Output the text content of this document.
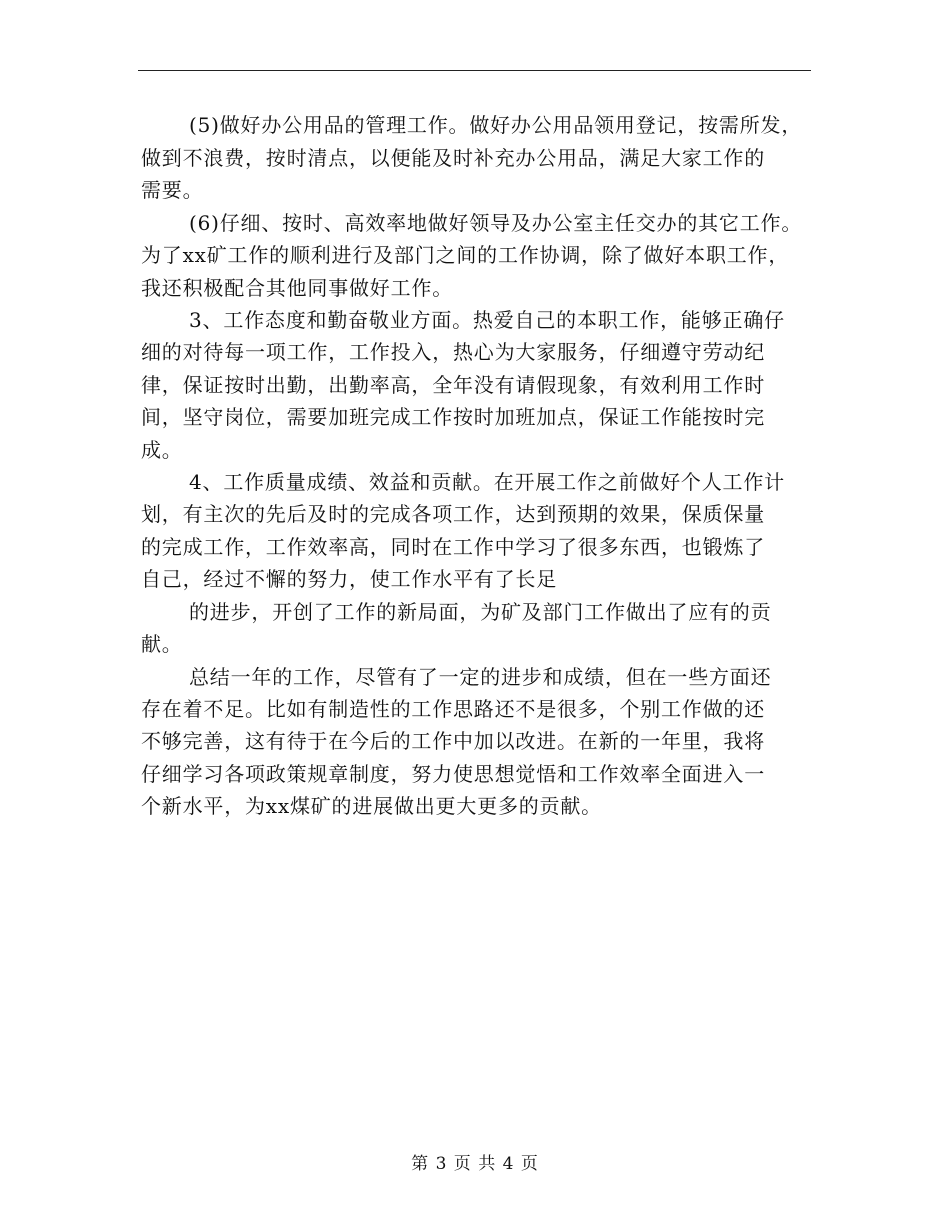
(5)做好办公用品的管理工作。做好办公用品领用登记，按需所发，
做到不浪费，按时清点，以便能及时补充办公用品，满足大家工作的
需要。
(6)仔细、按时、高效率地做好领导及办公室主任交办的其它工作。
为了xx矿工作的顺利进行及部门之间的工作协调，除了做好本职工作，
我还积极配合其他同事做好工作。
3、工作态度和勤奋敬业方面。热爱自己的本职工作，能够正确仔
细的对待每一项工作，工作投入，热心为大家服务，仔细遵守劳动纪
律，保证按时出勤，出勤率高，全年没有请假现象，有效利用工作时
间，坚守岗位，需要加班完成工作按时加班加点，保证工作能按时完
成。
4、工作质量成绩、效益和贡献。在开展工作之前做好个人工作计
划，有主次的先后及时的完成各项工作，达到预期的效果，保质保量
的完成工作，工作效率高，同时在工作中学习了很多东西，也锻炼了
自己，经过不懈的努力，使工作水平有了长足
的进步，开创了工作的新局面，为矿及部门工作做出了应有的贡
献。
总结一年的工作，尽管有了一定的进步和成绩，但在一些方面还
存在着不足。比如有制造性的工作思路还不是很多，个别工作做的还
不够完善，这有待于在今后的工作中加以改进。在新的一年里，我将
仔细学习各项政策规章制度，努力使思想觉悟和工作效率全面进入一
个新水平，为xx煤矿的进展做出更大更多的贡献。
第 3 页 共 4 页
